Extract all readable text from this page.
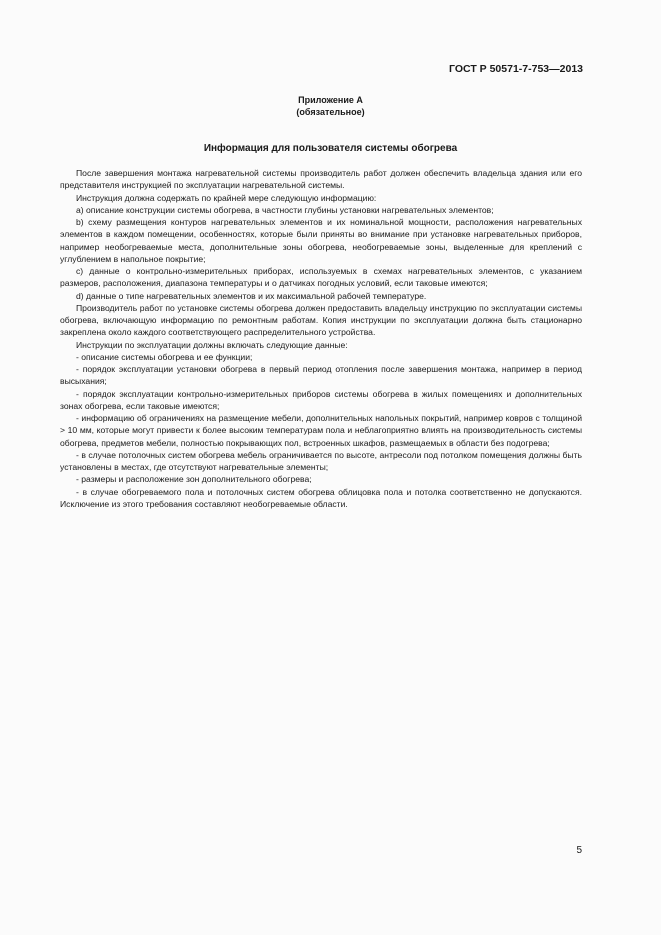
ГОСТ Р 50571-7-753—2013
Приложение А
(обязательное)
Информация для пользователя системы обогрева

После завершения монтажа нагревательной системы производитель работ должен обеспечить владельца здания или его представителя инструкцией по эксплуатации нагревательной системы.

Инструкция должна содержать по крайней мере следующую информацию:

а) описание конструкции системы обогрева, в частности глубины установки нагревательных элементов;

b) схему размещения контуров нагревательных элементов и их номинальной мощности, расположения нагревательных элементов в каждом помещении, особенностях, которые были приняты во внимание при установке нагревательных приборов, например необогреваемые места, дополнительные зоны обогрева, необогреваемые зоны, выделенные для креплений с углублением в напольное покрытие;

c) данные о контрольно-измерительных приборах, используемых в схемах нагревательных элементов, с указанием размеров, расположения, диапазона температуры и о датчиках погодных условий, если таковые имеются;

d) данные о типе нагревательных элементов и их максимальной рабочей температуре.

Производитель работ по установке системы обогрева должен предоставить владельцу инструкцию по эксплуатации системы обогрева, включающую информацию по ремонтным работам. Копия инструкции по эксплуатации должна быть стационарно закреплена около каждого соответствующего распределительного устройства.

Инструкции по эксплуатации должны включать следующие данные:

- описание системы обогрева и ее функции;

- порядок эксплуатации установки обогрева в первый период отопления после завершения монтажа, например в период высыхания;

- порядок эксплуатации контрольно-измерительных приборов системы обогрева в жилых помещениях и дополнительных зонах обогрева, если таковые имеются;

- информацию об ограничениях на размещение мебели, дополнительных напольных покрытий, например ковров с толщиной > 10 мм, которые могут привести к более высоким температурам пола и неблагоприятно влиять на производительность системы обогрева, предметов мебели, полностью покрывающих пол, встроенных шкафов, размещаемых в области без подогрева;

- в случае потолочных систем обогрева мебель ограничивается по высоте, антресоли под потолком помещения должны быть установлены в местах, где отсутствуют нагревательные элементы;

- размеры и расположение зон дополнительного обогрева;

- в случае обогреваемого пола и потолочных систем обогрева облицовка пола и потолка соответственно не допускаются. Исключение из этого требования составляют необогреваемые области.

5
